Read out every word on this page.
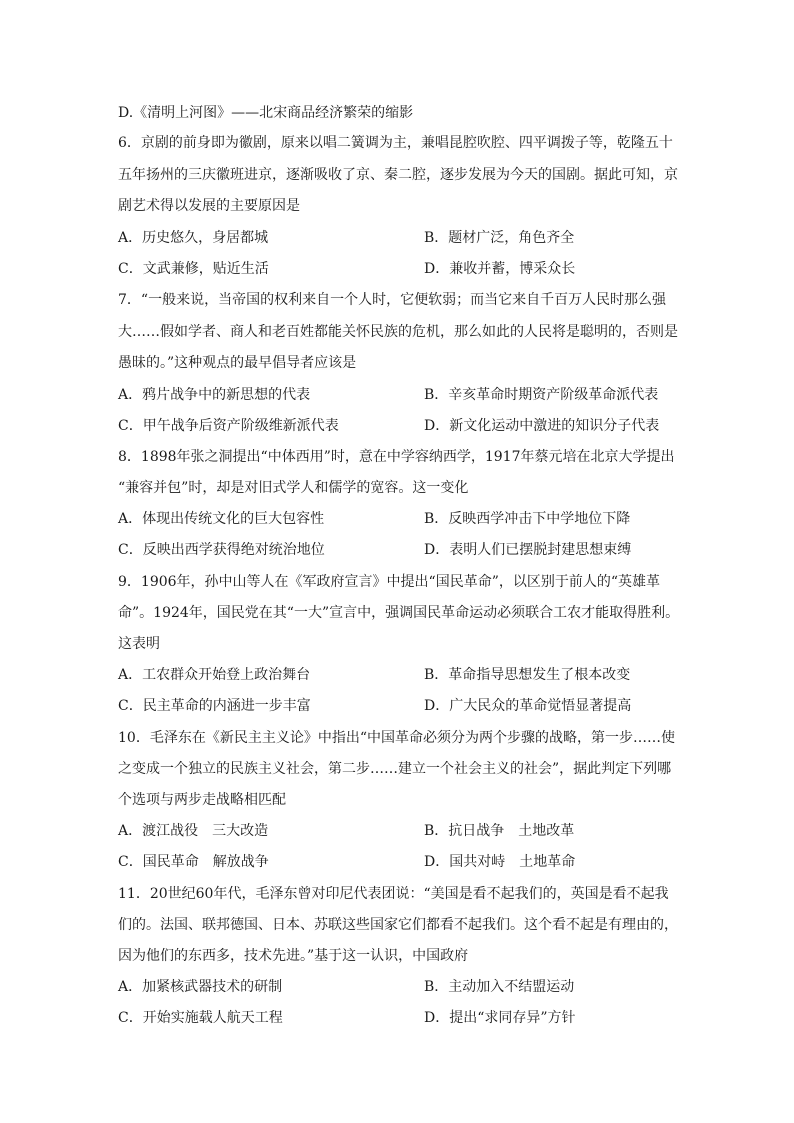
D.《清明上河图》——北宋商品经济繁荣的缩影
6．京剧的前身即为徽剧，原来以唱二簧调为主，兼唱昆腔吹腔、四平调拨子等，乾隆五十
五年扬州的三庆徽班进京，逐渐吸收了京、秦二腔，逐步发展为今天的国剧。据此可知，京
剧艺术得以发展的主要原因是
A．历史悠久，身居都城	B．题材广泛，角色齐全
C．文武兼修，贴近生活	D．兼收并蓄，博采众长
7．“一般来说，当帝国的权利来自一个人时，它便软弱；而当它来自千百万人民时那么强
大……假如学者、商人和老百姓都能关怀民族的危机，那么如此的人民将是聪明的，否则是
愚昧的。”这种观点的最早倡导者应该是
A．鸦片战争中的新思想的代表	B．辛亥革命时期资产阶级革命派代表
C．甲午战争后资产阶级维新派代表	D．新文化运动中激进的知识分子代表
8．1898年张之洞提出“中体西用”时，意在中学容纳西学，1917年蔡元培在北京大学提出
“兼容并包”时，却是对旧式学人和儒学的宽容。这一变化
A．体现出传统文化的巨大包容性	B．反映西学冲击下中学地位下降
C．反映出西学获得绝对统治地位	D．表明人们已摆脱封建思想束缚
9．1906年，孙中山等人在《军政府宣言》中提出“国民革命”，以区别于前人的“英雄革
命”。1924年，国民党在其“一大”宣言中，强调国民革命运动必须联合工农才能取得胜利。
这表明
A．工农群众开始登上政治舞台	B．革命指导思想发生了根本改变
C．民主革命的内涵进一步丰富	D．广大民众的革命觉悟显著提高
10．毛泽东在《新民主主义论》中指出“中国革命必须分为两个步骤的战略，第一步……使
之变成一个独立的民族主义社会，第二步……建立一个社会主义的社会”，据此判定下列哪
个选项与两步走战略相匹配
A．渡江战役　三大改造	B．抗日战争　土地改革
C．国民革命　解放战争	D．国共对峙　土地革命
11．20世纪60年代，毛泽东曾对印尼代表团说：“美国是看不起我们的，英国是看不起我
们的。法国、联邦德国、日本、苏联这些国家它们都看不起我们。这个看不起是有理由的，
因为他们的东西多，技术先进。”基于这一认识，中国政府
A．加紧核武器技术的研制	B．主动加入不结盟运动
C．开始实施载人航天工程	D．提出“求同存异”方针
